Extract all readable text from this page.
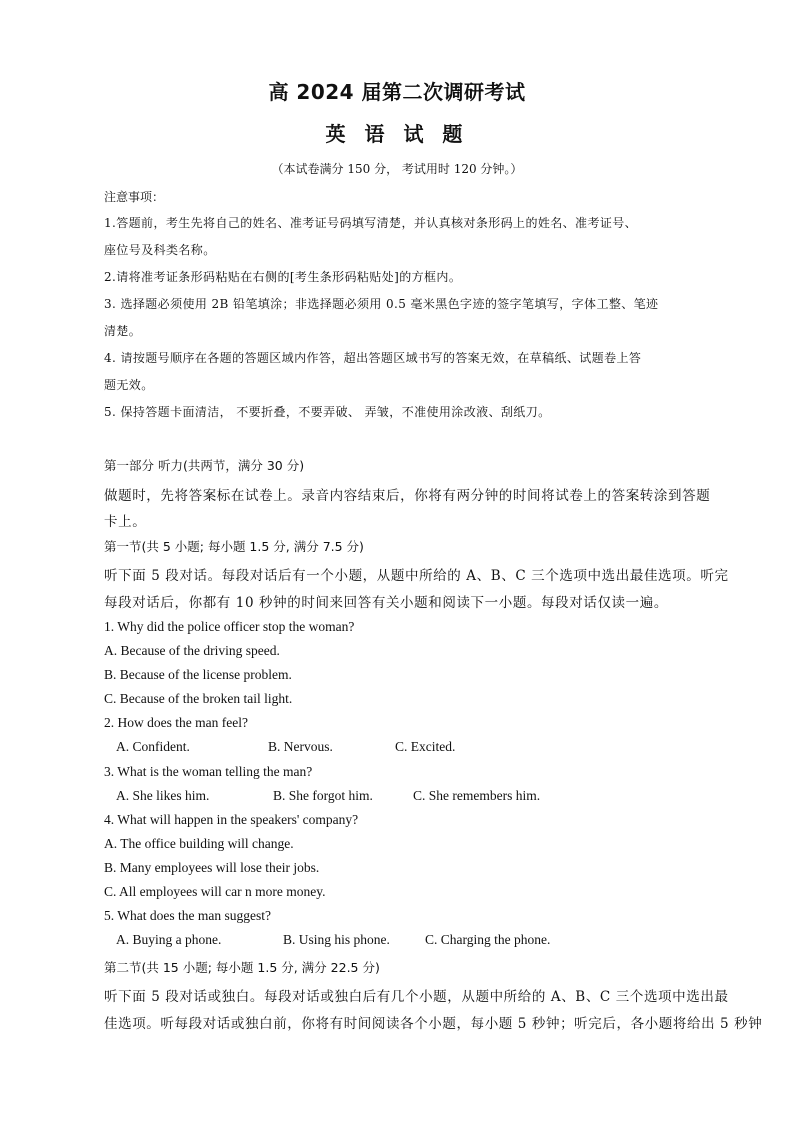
高 2024 届第二次调研考试
英 语 试 题
（本试卷满分 150 分， 考试用时 120 分钟。）
注意事项：
1.答题前，考生先将自己的姓名、准考证号码填写清楚，并认真核对条形码上的姓名、准考证号、
座位号及科类名称。
2.请将准考证条形码粘贴在右侧的[考生条形码粘贴处]的方框内。
3. 选择题必须使用 2B 铅笔填涂；非选择题必须用 0.5 毫米黑色字迹的签字笔填写，字体工整、笔迹
清楚。
4. 请按题号顺序在各题的答题区域内作答，超出答题区域书写的答案无效，在草稿纸、试题卷上答
题无效。
5. 保持答题卡面清洁， 不要折叠，不要弄破、 弄皱，不准使用涂改液、刮纸刀。
第一部分 听力(共两节，满分 30 分)
做题时，先将答案标在试卷上。录音内容结束后，你将有两分钟的时间将试卷上的答案转涂到答题
卡上。
第一节(共 5 小题; 每小题 1.5 分, 满分 7.5 分)
听下面 5 段对话。每段对话后有一个小题，从题中所给的 A、B、C 三个选项中选出最佳选项。听完
每段对话后，你都有 10 秒钟的时间来回答有关小题和阅读下一小题。每段对话仅读一遍。
1. Why did the police officer stop the woman?
A. Because of the driving speed.
B. Because of the license problem.
C. Because of the broken tail light.
2. How does the man feel?
A. Confident.	B. Nervous.	C. Excited.
3. What is the woman telling the man?
A. She likes him.	B. She forgot him.	C. She remembers him.
4. What will happen in the speakers' company?
A. The office building will change.
B. Many employees will lose their jobs.
C. All employees will car n more money.
5. What does the man suggest?
A. Buying a phone.	B. Using his phone.	C. Charging the phone.
第二节(共 15 小题; 每小题 1.5 分, 满分 22.5 分)
听下面 5 段对话或独白。每段对话或独白后有几个小题，从题中所给的 A、B、C 三个选项中选出最
佳选项。听每段对话或独白前，你将有时间阅读各个小题，每小题 5 秒钟；听完后，各小题将给出 5 秒钟
